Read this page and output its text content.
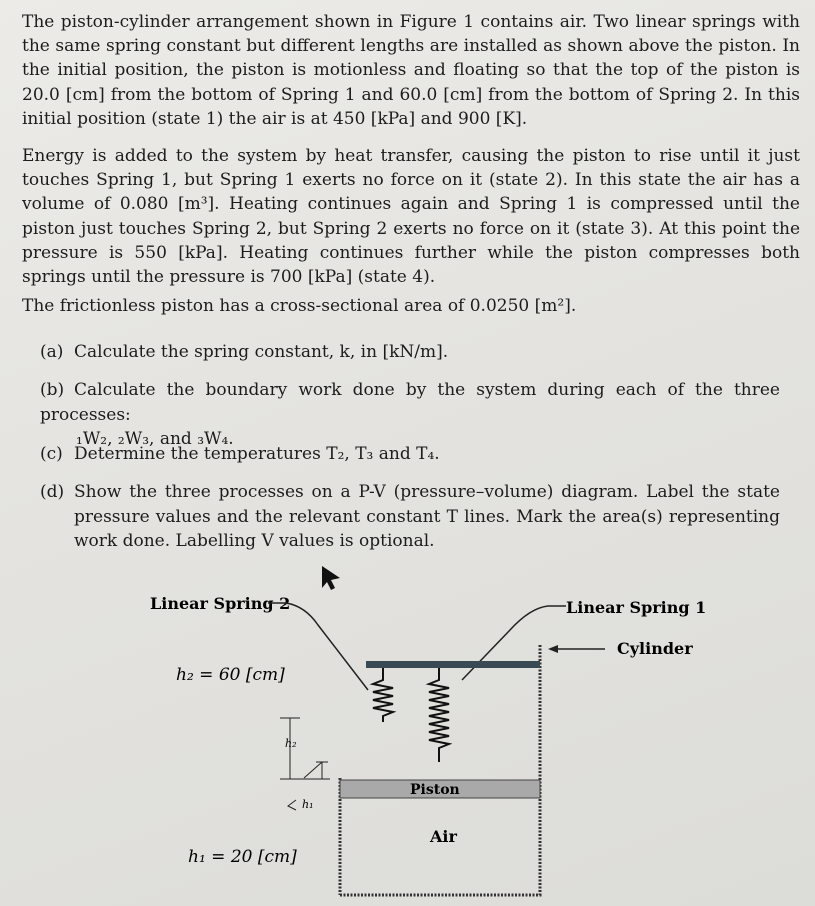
The piston-cylinder arrangement shown in Figure 1 contains air. Two linear springs with the same spring constant but different lengths are installed as shown above the piston. In the initial position, the piston is motionless and floating so that the top of the piston is 20.0 [cm] from the bottom of Spring 1 and 60.0 [cm] from the bottom of Spring 2. In this initial position (state 1) the air is at 450 [kPa] and 900 [K].

Energy is added to the system by heat transfer, causing the piston to rise until it just touches Spring 1, but Spring 1 exerts no force on it (state 2). In this state the air has a volume of 0.080 [m³]. Heating continues again and Spring 1 is compressed until the piston just touches Spring 2, but Spring 2 exerts no force on it (state 3). At this point the pressure is 550 [kPa]. Heating continues further while the piston compresses both springs until the pressure is 700 [kPa] (state 4).

The frictionless piston has a cross-sectional area of 0.0250 [m²].

(a) Calculate the spring constant, k, in [kN/m].
(b) Calculate the boundary work done by the system during each of the three processes:
₁W₂, ₂W₃, and ₃W₄.
(c) Determine the temperatures T₂, T₃ and T₄.
(d) Show the three processes on a P-V (pressure–volume) diagram. Label the state pressure values and the relevant constant T lines. Mark the area(s) representing work done. Labelling V values is optional.
Linear Spring 2	Linear Spring 1
Cylinder
h₂ = 60 [cm]
h₁ = 20 [cm]
Piston
Air
h₂
h₁
